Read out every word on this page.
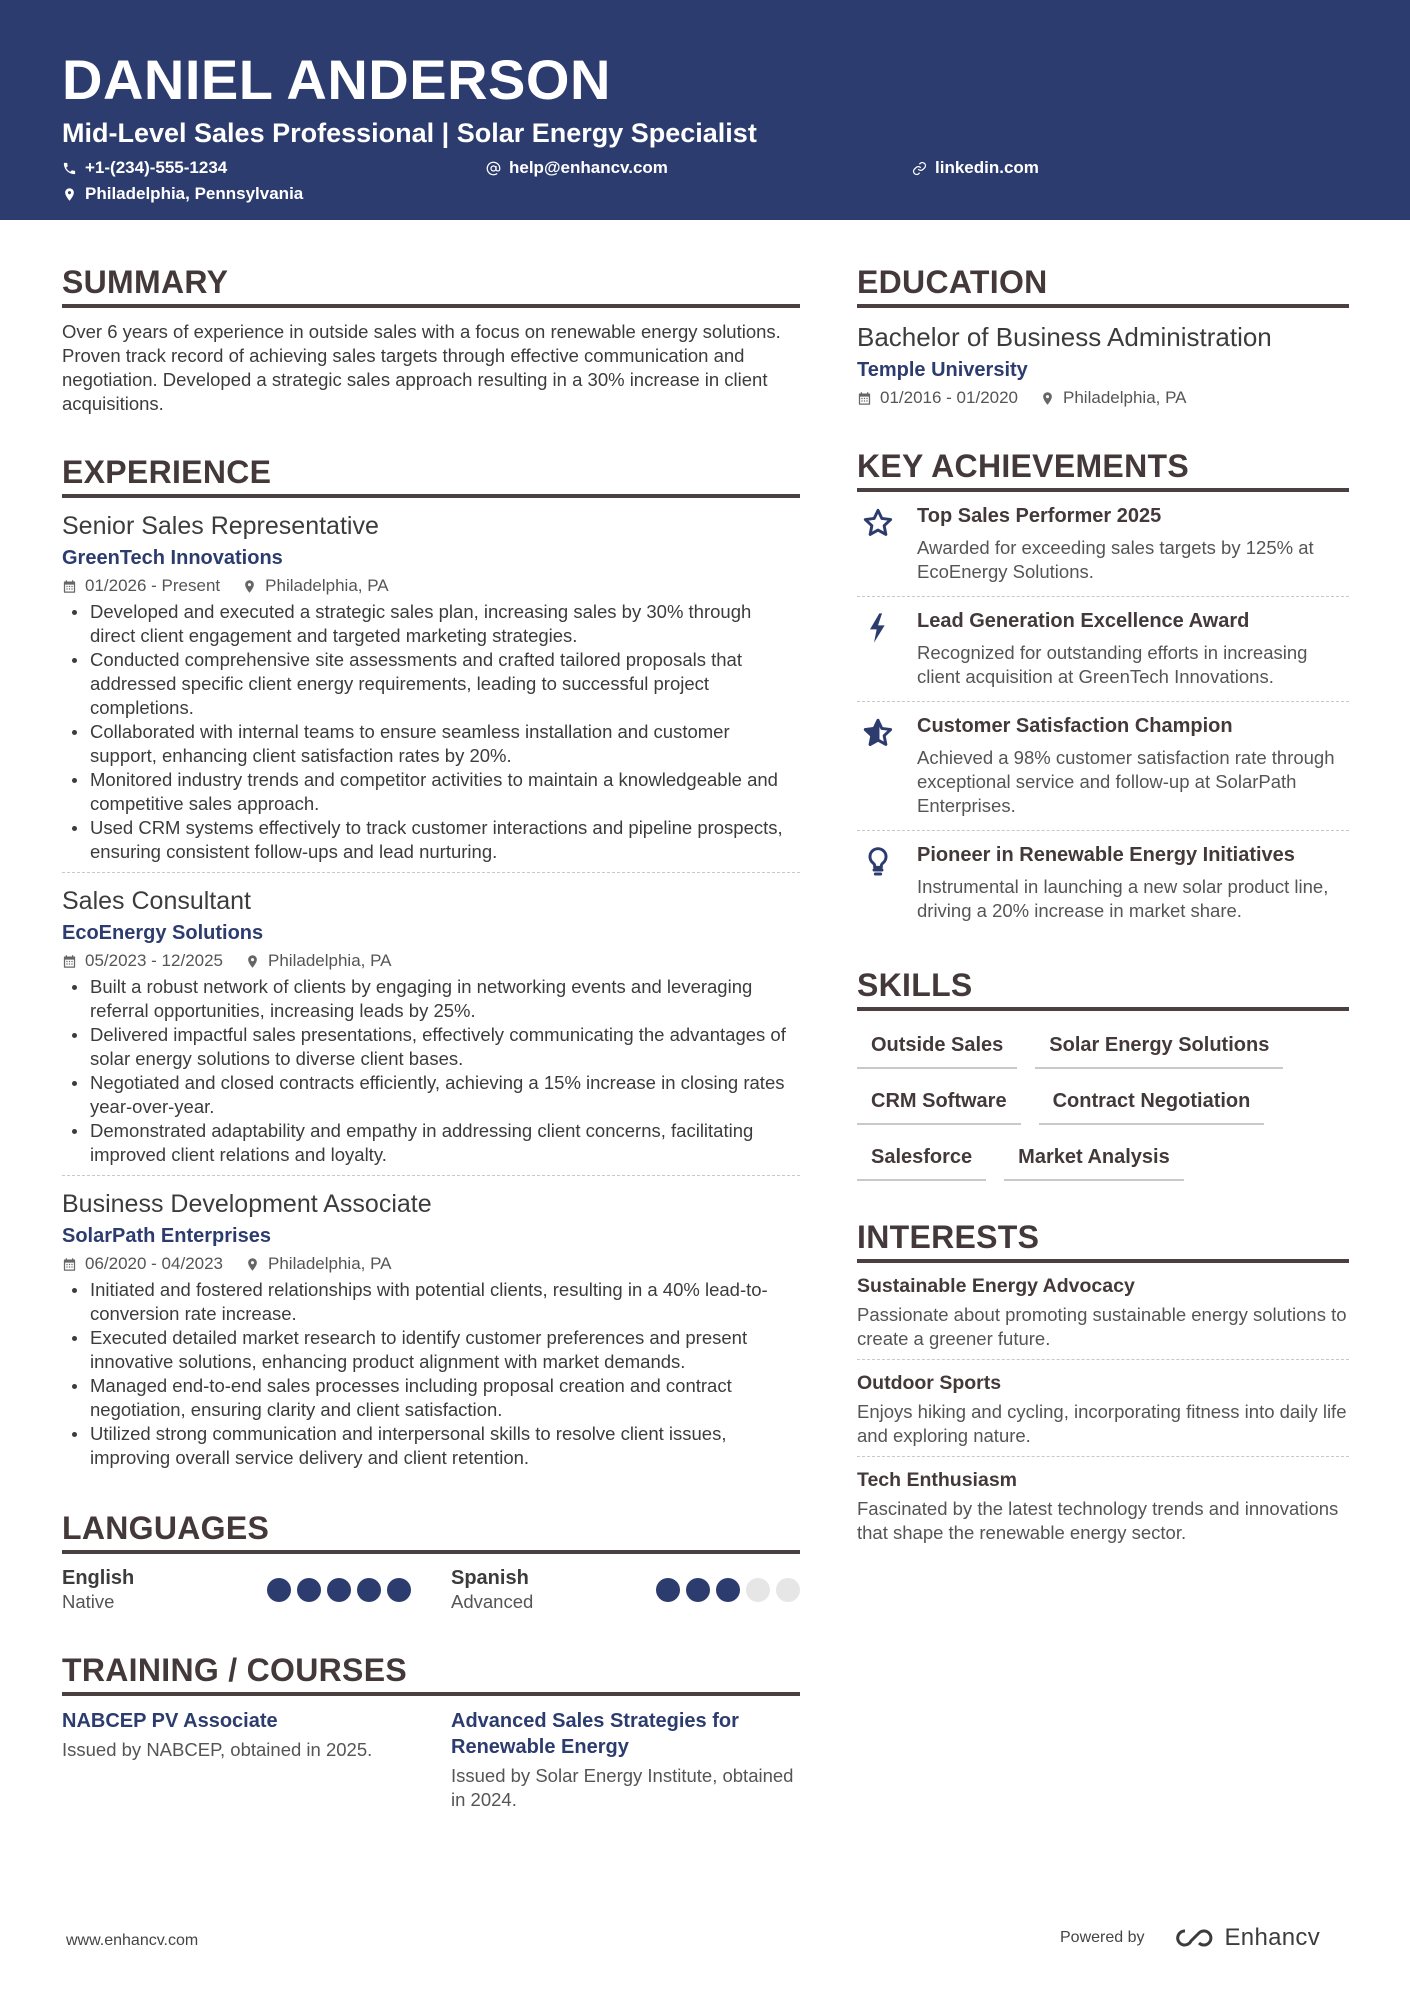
DANIEL ANDERSON
Mid-Level Sales Professional | Solar Energy Specialist
+1-(234)-555-1234	help@enhancv.com	linkedin.com
Philadelphia, Pennsylvania
SUMMARY
Over 6 years of experience in outside sales with a focus on renewable energy solutions. Proven track record of achieving sales targets through effective communication and negotiation. Developed a strategic sales approach resulting in a 30% increase in client acquisitions.
EXPERIENCE
Senior Sales Representative
GreenTech Innovations
01/2026 - Present	Philadelphia, PA
Developed and executed a strategic sales plan, increasing sales by 30% through direct client engagement and targeted marketing strategies.
Conducted comprehensive site assessments and crafted tailored proposals that addressed specific client energy requirements, leading to successful project completions.
Collaborated with internal teams to ensure seamless installation and customer support, enhancing client satisfaction rates by 20%.
Monitored industry trends and competitor activities to maintain a knowledgeable and competitive sales approach.
Used CRM systems effectively to track customer interactions and pipeline prospects, ensuring consistent follow-ups and lead nurturing.
Sales Consultant
EcoEnergy Solutions
05/2023 - 12/2025	Philadelphia, PA
Built a robust network of clients by engaging in networking events and leveraging referral opportunities, increasing leads by 25%.
Delivered impactful sales presentations, effectively communicating the advantages of solar energy solutions to diverse client bases.
Negotiated and closed contracts efficiently, achieving a 15% increase in closing rates year-over-year.
Demonstrated adaptability and empathy in addressing client concerns, facilitating improved client relations and loyalty.
Business Development Associate
SolarPath Enterprises
06/2020 - 04/2023	Philadelphia, PA
Initiated and fostered relationships with potential clients, resulting in a 40% lead-to-conversion rate increase.
Executed detailed market research to identify customer preferences and present innovative solutions, enhancing product alignment with market demands.
Managed end-to-end sales processes including proposal creation and contract negotiation, ensuring clarity and client satisfaction.
Utilized strong communication and interpersonal skills to resolve client issues, improving overall service delivery and client retention.
LANGUAGES
English
Native
Spanish
Advanced
TRAINING / COURSES
NABCEP PV Associate
Issued by NABCEP, obtained in 2025.
Advanced Sales Strategies for Renewable Energy
Issued by Solar Energy Institute, obtained in 2024.
EDUCATION
Bachelor of Business Administration
Temple University
01/2016 - 01/2020	Philadelphia, PA
KEY ACHIEVEMENTS
Top Sales Performer 2025
Awarded for exceeding sales targets by 125% at EcoEnergy Solutions.
Lead Generation Excellence Award
Recognized for outstanding efforts in increasing client acquisition at GreenTech Innovations.
Customer Satisfaction Champion
Achieved a 98% customer satisfaction rate through exceptional service and follow-up at SolarPath Enterprises.
Pioneer in Renewable Energy Initiatives
Instrumental in launching a new solar product line, driving a 20% increase in market share.
SKILLS
Outside Sales	Solar Energy Solutions
CRM Software	Contract Negotiation
Salesforce	Market Analysis
INTERESTS
Sustainable Energy Advocacy
Passionate about promoting sustainable energy solutions to create a greener future.
Outdoor Sports
Enjoys hiking and cycling, incorporating fitness into daily life and exploring nature.
Tech Enthusiasm
Fascinated by the latest technology trends and innovations that shape the renewable energy sector.
www.enhancv.com	Powered by	Enhancv
